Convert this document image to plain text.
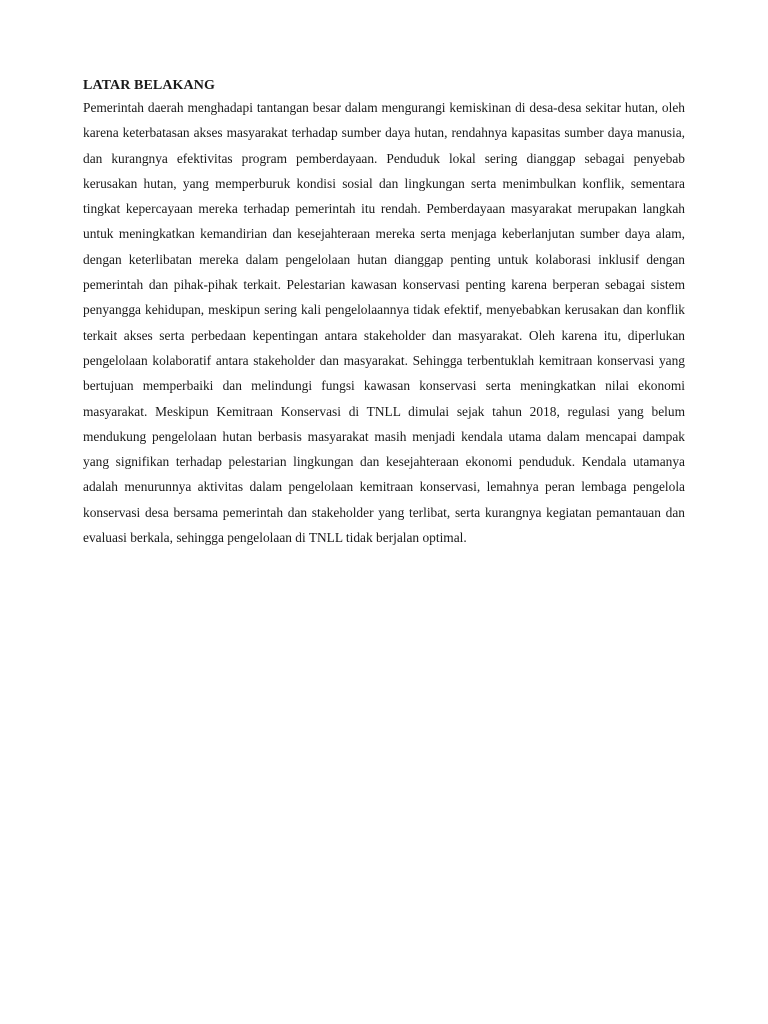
LATAR BELAKANG

Pemerintah daerah menghadapi tantangan besar dalam mengurangi kemiskinan di desa-desa sekitar hutan, oleh karena keterbatasan akses masyarakat terhadap sumber daya hutan, rendahnya kapasitas sumber daya manusia, dan kurangnya efektivitas program pemberdayaan. Penduduk lokal sering dianggap sebagai penyebab kerusakan hutan, yang memperburuk kondisi sosial dan lingkungan serta menimbulkan konflik, sementara tingkat kepercayaan mereka terhadap pemerintah itu rendah. Pemberdayaan masyarakat merupakan langkah untuk meningkatkan kemandirian dan kesejahteraan mereka serta menjaga keberlanjutan sumber daya alam, dengan keterlibatan mereka dalam pengelolaan hutan dianggap penting untuk kolaborasi inklusif dengan pemerintah dan pihak-pihak terkait. Pelestarian kawasan konservasi penting karena berperan sebagai sistem penyangga kehidupan, meskipun sering kali pengelolaannya tidak efektif, menyebabkan kerusakan dan konflik terkait akses serta perbedaan kepentingan antara stakeholder dan masyarakat. Oleh karena itu, diperlukan pengelolaan kolaboratif antara stakeholder dan masyarakat. Sehingga terbentuklah kemitraan konservasi yang bertujuan memperbaiki dan melindungi fungsi kawasan konservasi serta meningkatkan nilai ekonomi masyarakat. Meskipun Kemitraan Konservasi di TNLL dimulai sejak tahun 2018, regulasi yang belum mendukung pengelolaan hutan berbasis masyarakat masih menjadi kendala utama dalam mencapai dampak yang signifikan terhadap pelestarian lingkungan dan kesejahteraan ekonomi penduduk. Kendala utamanya adalah menurunnya aktivitas dalam pengelolaan kemitraan konservasi, lemahnya peran lembaga pengelola konservasi desa bersama pemerintah dan stakeholder yang terlibat, serta kurangnya kegiatan pemantauan dan evaluasi berkala, sehingga pengelolaan di TNLL tidak berjalan optimal.
